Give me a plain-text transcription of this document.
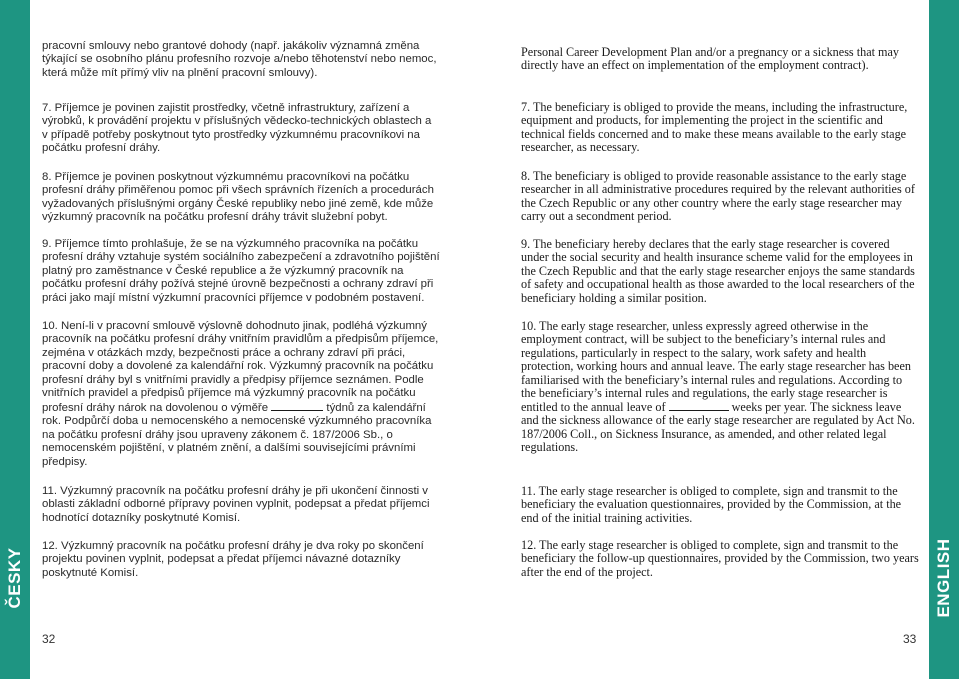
ČESKY	ENGLISH

pracovní smlouvy nebo grantové dohody (např. jakákoliv významná změna týkající se osobního plánu profesního rozvoje a/nebo těhotenství nebo nemoc, která může mít přímý vliv na plnění pracovní smlouvy).

7. Příjemce je povinen zajistit prostředky, včetně infrastruktury, zařízení a výrobků, k provádění projektu v příslušných vědecko-technických oblastech a v případě potřeby poskytnout tyto prostředky výzkumnému pracovníkovi na počátku profesní dráhy.

8. Příjemce je povinen poskytnout výzkumnému pracovníkovi na počátku profesní dráhy přiměřenou pomoc při všech správních řízeních a procedurách vyžadovaných příslušnými orgány České republiky nebo jiné země, kde může výzkumný pracovník na počátku profesní dráhy trávit služební pobyt.

9. Příjemce tímto prohlašuje, že se na výzkumného pracovníka na počátku profesní dráhy vztahuje systém sociálního zabezpečení a zdravotního pojištění platný pro zaměstnance v České republice a že výzkumný pracovník na počátku profesní dráhy požívá stejné úrovně bezpečnosti a ochrany zdraví při práci jako mají místní výzkumní pracovníci příjemce v podobném postavení.

10. Není-li v pracovní smlouvě výslovně dohodnuto jinak, podléhá výzkumný pracovník na počátku profesní dráhy vnitřním pravidlům a předpisům příjemce, zejména v otázkách mzdy, bezpečnosti práce a ochrany zdraví při práci, pracovní doby a dovolené za kalendářní rok. Výzkumný pracovník na počátku profesní dráhy byl s vnitřními pravidly a předpisy příjemce seznámen. Podle vnitřních pravidel a předpisů příjemce má výzkumný pracovník na počátku profesní dráhy nárok na dovolenou o výměře	týdnů za kalendářní rok. Podpůrčí doba u nemocenského a nemocenské výzkumného pracovníka na počátku profesní dráhy jsou upraveny zákonem č. 187/2006 Sb., o nemocenském pojištění, v platném znění, a dalšími souvisejícími právními předpisy.

11. Výzkumný pracovník na počátku profesní dráhy je při ukončení činnosti v oblasti základní odborné přípravy povinen vyplnit, podepsat a předat příjemci hodnotící dotazníky poskytnuté Komisí.

12. Výzkumný pracovník na počátku profesní dráhy je dva roky po skončení projektu povinen vyplnit, podepsat a předat příjemci návazné dotazníky poskytnuté Komisí.

Personal Career Development Plan and/or a pregnancy or a sickness that may directly have an effect on implementation of the employment contract).

7. The beneficiary is obliged to provide the means, including the infrastructure, equipment and products, for implementing the project in the scientific and technical fields concerned and to make these means available to the early stage researcher, as necessary.

8. The beneficiary is obliged to provide reasonable assistance to the early stage researcher in all administrative procedures required by the relevant authorities of the Czech Republic or any other country where the early stage researcher may carry out a secondment period.

9. The beneficiary hereby declares that the early stage researcher is covered under the social security and health insurance scheme valid for the employees in the Czech Republic and that the early stage researcher enjoys the same standards of safety and occupational health as those awarded to the local researchers of the beneficiary holding a similar position.

10. The early stage researcher, unless expressly agreed otherwise in the employment contract, will be subject to the beneficiary’s internal rules and regulations, particularly in respect to the salary, work safety and health protection, working hours and annual leave. The early stage researcher has been familiarised with the beneficiary’s internal rules and regulations. According to the beneficiary’s internal rules and regulations, the early stage researcher is entitled to the annual leave of	weeks per year. The sickness leave and the sickness allowance of the early stage researcher are regulated by Act No. 187/2006 Coll., on Sickness Insurance, as amended, and other related legal regulations.

11. The early stage researcher is obliged to complete, sign and transmit to the beneficiary the evaluation questionnaires, provided by the Commission, at the end of the initial training activities.

12. The early stage researcher is obliged to complete, sign and transmit to the beneficiary the follow-up questionnaires, provided by the Commission, two years after the end of the project.

32	33
